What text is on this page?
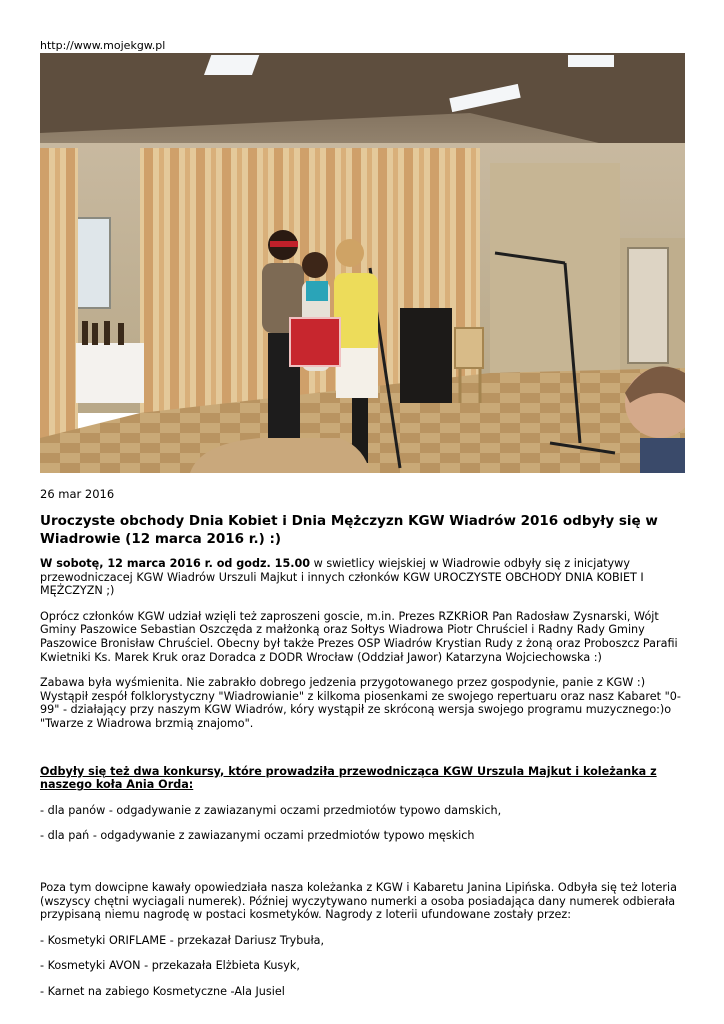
http://www.mojekgw.pl
26 mar 2016
Uroczyste obchody Dnia Kobiet i Dnia Mężczyzn KGW Wiadrów 2016 odbyły się w Wiadrowie (12 marca 2016 r.) :)

W sobotę, 12 marca 2016 r. od godz. 15.00 w swietlicy wiejskiej w Wiadrowie odbyły się z inicjatywy przewodniczacej KGW Wiadrów Urszuli Majkut i innych członków KGW UROCZYSTE OBCHODY DNIA KOBIET I MĘŻCZYZN ;)

Oprócz członków KGW udział wzięli też zaproszeni goscie, m.in. Prezes RZKRiOR Pan Radosław Zysnarski, Wójt Gminy Paszowice Sebastian Oszczęda z małżonką oraz Sołtys Wiadrowa Piotr Chruściel i Radny Rady Gminy Paszowice Bronisław Chruściel. Obecny był także Prezes OSP Wiadrów Krystian Rudy z żoną oraz Proboszcz Parafii Kwietniki Ks. Marek Kruk oraz Doradca z DODR Wrocław (Oddział Jawor) Katarzyna Wojciechowska :)

Zabawa była wyśmienita. Nie zabrakło dobrego jedzenia przygotowanego przez gospodynie, panie z KGW :) Wystąpił zespół folklorystyczny "Wiadrowianie" z kilkoma piosenkami ze swojego repertuaru oraz nasz Kabaret "0-99" - działający przy naszym KGW Wiadrów, kóry wystąpił ze skróconą wersja swojego programu muzycznego:)o "Twarze z Wiadrowa brzmią znajomo".

Odbyły się też dwa konkursy, które prowadziła przewodnicząca KGW Urszula Majkut i koleżanka z naszego koła Ania Orda:

- dla panów - odgadywanie z zawiazanymi oczami przedmiotów typowo damskich,

- dla pań - odgadywanie z zawiazanymi oczami przedmiotów typowo męskich

Poza tym dowcipne kawały opowiedziała nasza koleżanka z KGW i Kabaretu Janina Lipińska. Odbyła się też loteria (wszyscy chętni wyciagali numerek). Później wyczytywano numerki a osoba posiadająca dany numerek odbierała przypisaną niemu nagrodę w postaci kosmetyków. Nagrody z loterii ufundowane zostały przez:

- Kosmetyki ORIFLAME - przekazał Dariusz Trybuła,

- Kosmetyki AVON - przekazała Elżbieta Kusyk,

- Karnet na zabiego Kosmetyczne -Ala Jusiel
